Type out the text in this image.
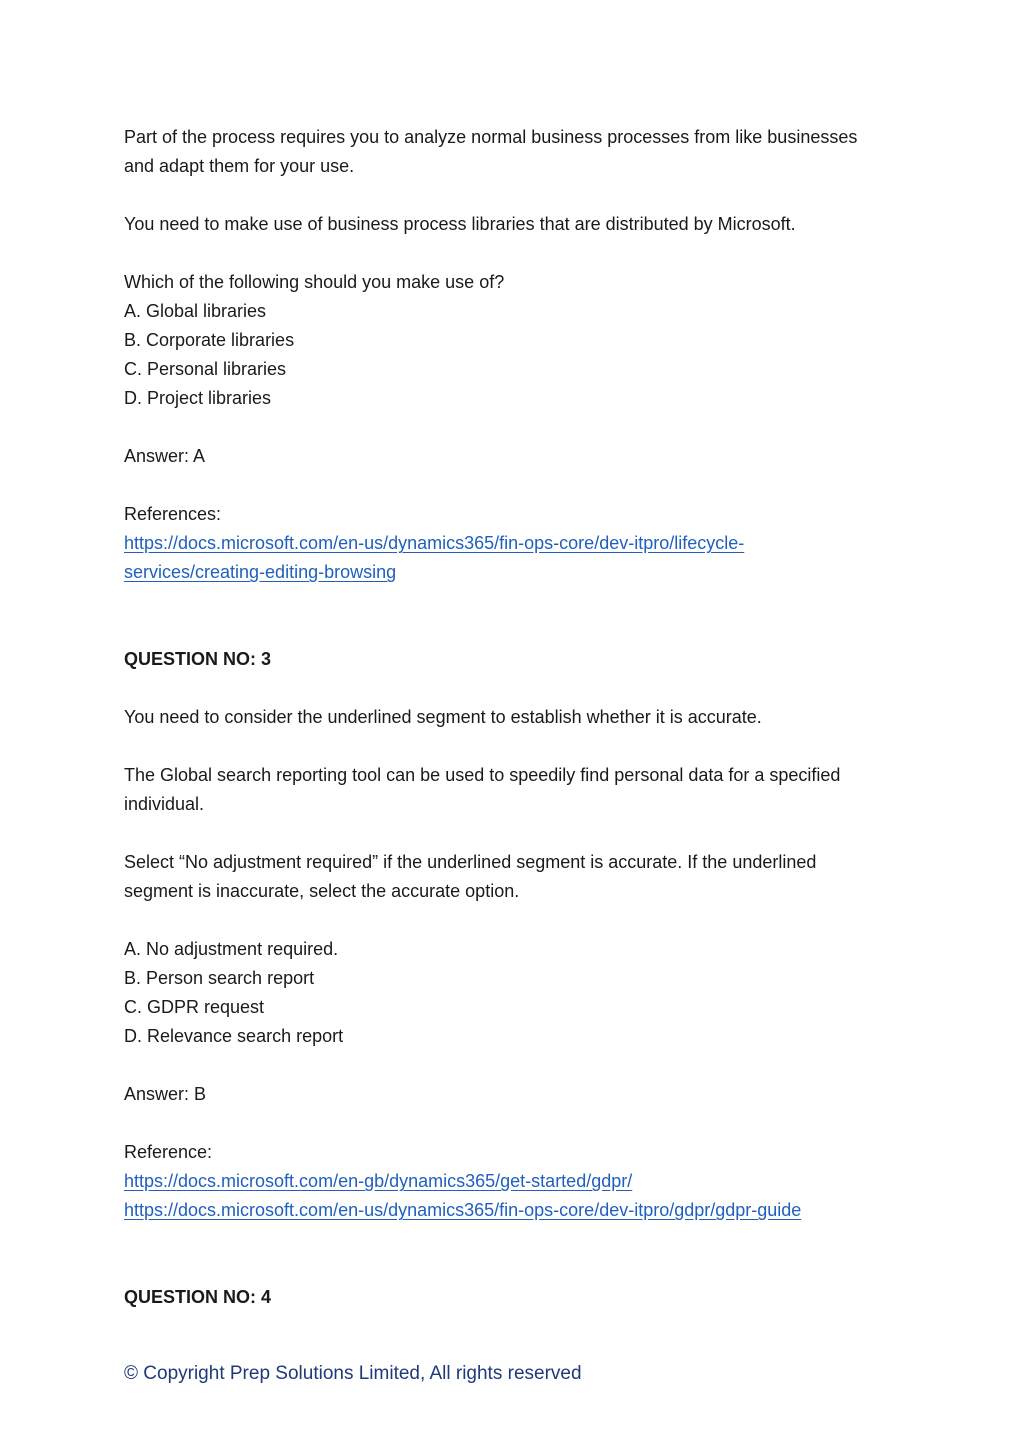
Part of the process requires you to analyze normal business processes from like businesses
and adapt them for your use.
You need to make use of business process libraries that are distributed by Microsoft.
Which of the following should you make use of?
A. Global libraries
B. Corporate libraries
C. Personal libraries
D. Project libraries
Answer: A
References:
https://docs.microsoft.com/en-us/dynamics365/fin-ops-core/dev-itpro/lifecycle-
services/creating-editing-browsing
QUESTION NO: 3
You need to consider the underlined segment to establish whether it is accurate.
The Global search reporting tool can be used to speedily find personal data for a specified
individual.
Select “No adjustment required” if the underlined segment is accurate. If the underlined
segment is inaccurate, select the accurate option.
A. No adjustment required.
B. Person search report
C. GDPR request
D. Relevance search report
Answer: B
Reference:
https://docs.microsoft.com/en-gb/dynamics365/get-started/gdpr/
https://docs.microsoft.com/en-us/dynamics365/fin-ops-core/dev-itpro/gdpr/gdpr-guide
QUESTION NO: 4
© Copyright Prep Solutions Limited, All rights reserved
